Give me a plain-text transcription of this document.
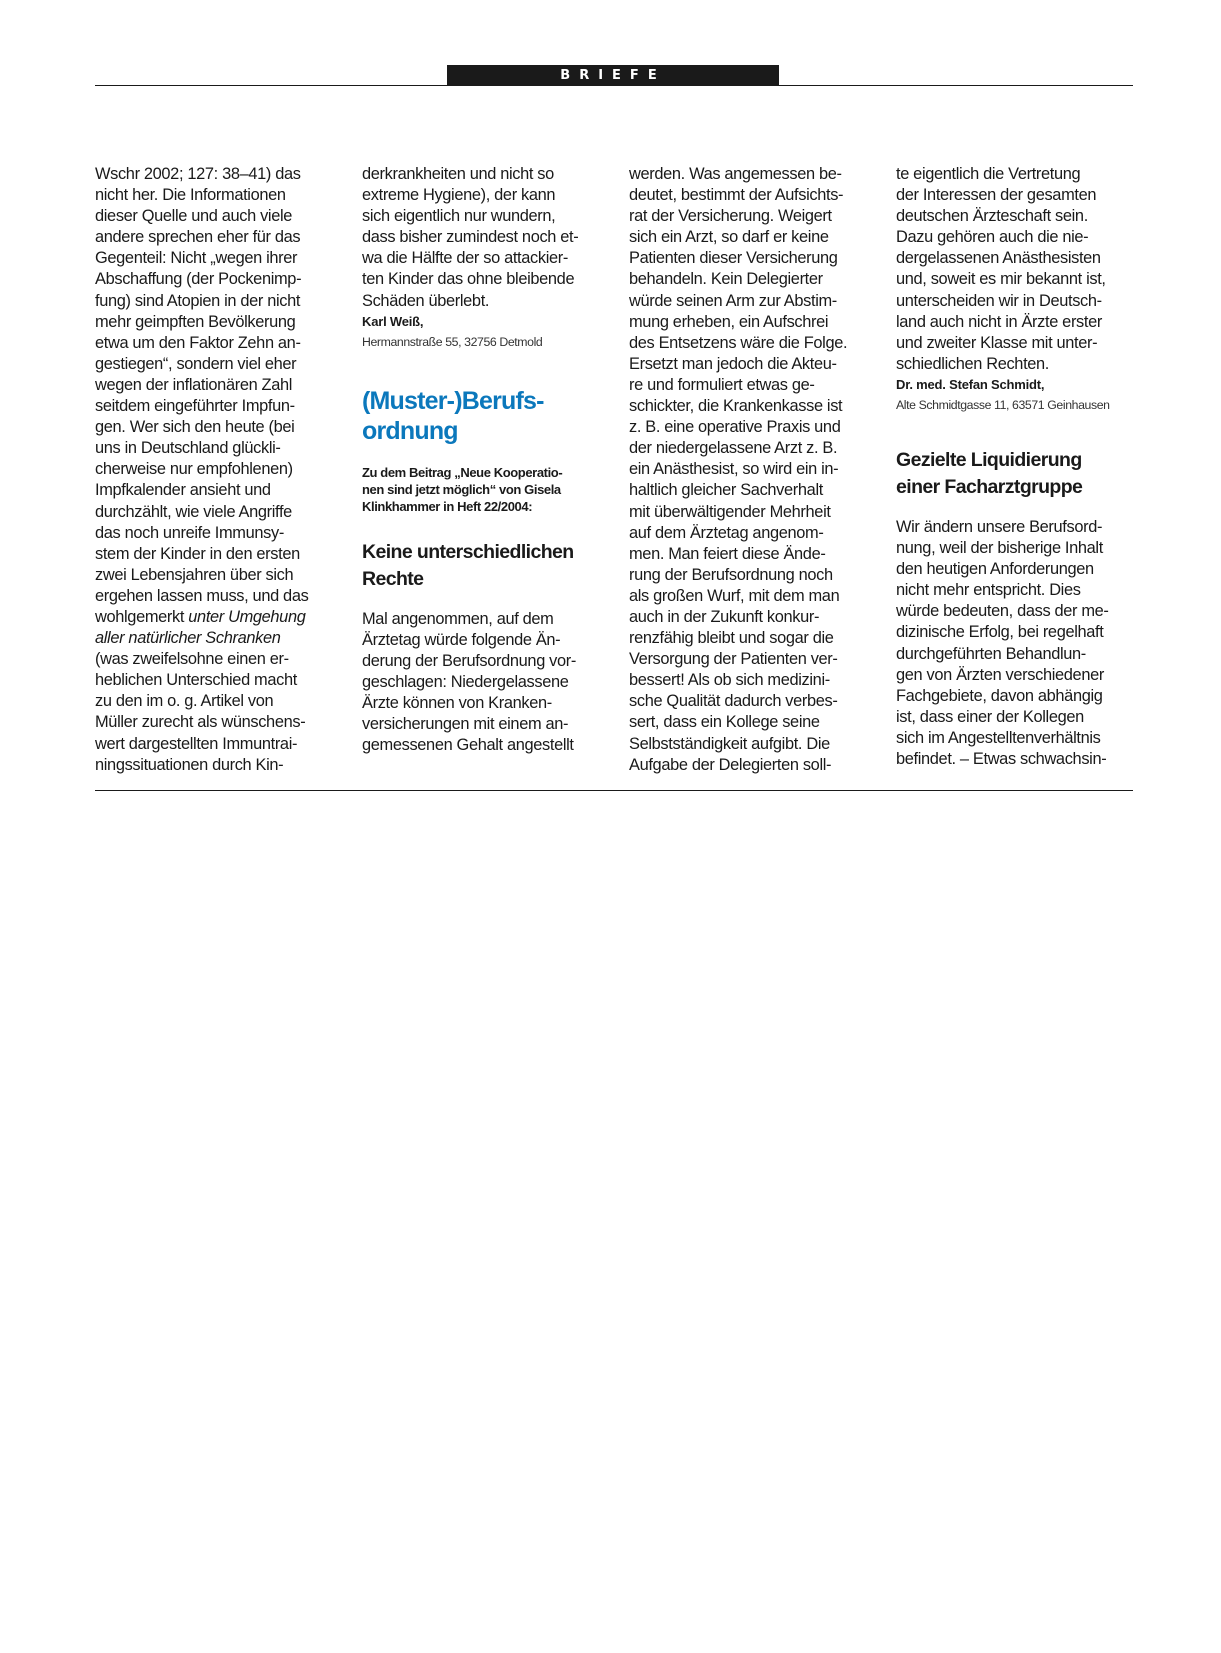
BRIEFE
Wschr 2002; 127: 38–41) das
nicht her. Die Informationen
dieser Quelle und auch viele
andere sprechen eher für das
Gegenteil: Nicht „wegen ihrer
Abschaffung (der Pockenimp-
fung) sind Atopien in der nicht
mehr geimpften Bevölkerung
etwa um den Faktor Zehn an-
gestiegen“, sondern viel eher
wegen der inflationären Zahl
seitdem eingeführter Impfun-
gen. Wer sich den heute (bei
uns in Deutschland glückli-
cherweise nur empfohlenen)
Impfkalender ansieht und
durchzählt, wie viele Angriffe
das noch unreife Immunsy-
stem der Kinder in den ersten
zwei Lebensjahren über sich
ergehen lassen muss, und das
wohlgemerkt unter Umgehung
aller natürlicher Schranken
(was zweifelsohne einen er-
heblichen Unterschied macht
zu den im o. g. Artikel von
Müller zurecht als wünschens-
wert dargestellten Immuntrai-
ningssituationen durch Kin-
derkrankheiten und nicht so
extreme Hygiene), der kann
sich eigentlich nur wundern,
dass bisher zumindest noch et-
wa die Hälfte der so attackier-
ten Kinder das ohne bleibende
Schäden überlebt.
Karl Weiß,
Hermannstraße 55, 32756 Detmold
(Muster-)Berufs-
ordnung
Zu dem Beitrag „Neue Kooperatio-
nen sind jetzt möglich“ von Gisela
Klinkhammer in Heft 22/2004:
Keine unterschiedlichen
Rechte
Mal angenommen, auf dem
Ärztetag würde folgende Än-
derung der Berufsordnung vor-
geschlagen: Niedergelassene
Ärzte können von Kranken-
versicherungen mit einem an-
gemessenen Gehalt angestellt
werden. Was angemessen be-
deutet, bestimmt der Aufsichts-
rat der Versicherung. Weigert
sich ein Arzt, so darf er keine
Patienten dieser Versicherung
behandeln. Kein Delegierter
würde seinen Arm zur Abstim-
mung erheben, ein Aufschrei
des Entsetzens wäre die Folge.
Ersetzt man jedoch die Akteu-
re und formuliert etwas ge-
schickter, die Krankenkasse ist
z. B. eine operative Praxis und
der niedergelassene Arzt z. B.
ein Anästhesist, so wird ein in-
haltlich gleicher Sachverhalt
mit überwältigender Mehrheit
auf dem Ärztetag angenom-
men. Man feiert diese Ände-
rung der Berufsordnung noch
als großen Wurf, mit dem man
auch in der Zukunft konkur-
renzfähig bleibt und sogar die
Versorgung der Patienten ver-
bessert! Als ob sich medizini-
sche Qualität dadurch verbes-
sert, dass ein Kollege seine
Selbstständigkeit aufgibt. Die
Aufgabe der Delegierten soll-
te eigentlich die Vertretung
der Interessen der gesamten
deutschen Ärzteschaft sein.
Dazu gehören auch die nie-
dergelassenen Anästhesisten
und, soweit es mir bekannt ist,
unterscheiden wir in Deutsch-
land auch nicht in Ärzte erster
und zweiter Klasse mit unter-
schiedlichen Rechten.
Dr. med. Stefan Schmidt,
Alte Schmidtgasse 11, 63571 Geinhausen
Gezielte Liquidierung
einer Facharztgruppe
Wir ändern unsere Berufsord-
nung, weil der bisherige Inhalt
den heutigen Anforderungen
nicht mehr entspricht. Dies
würde bedeuten, dass der me-
dizinische Erfolg, bei regelhaft
durchgeführten Behandlun-
gen von Ärzten verschiedener
Fachgebiete, davon abhängig
ist, dass einer der Kollegen
sich im Angestelltenverhältnis
befindet. – Etwas schwachsin-
